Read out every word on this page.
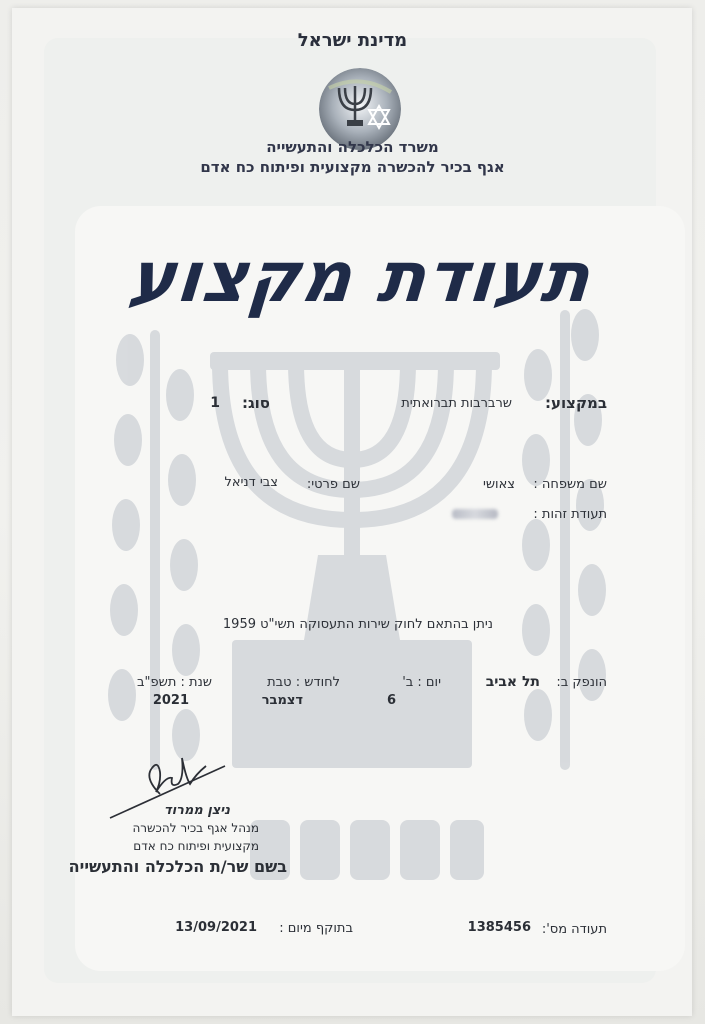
מדינת ישראל
משרד הכלכלה והתעשייה
אגף בכיר להכשרה מקצועית ופיתוח כח אדם
תעודת מקצוע
במקצוע:
שרברבות תברואתית
סוג:
1
שם משפחה :
צאושי
שם פרטי:
צבי דניאל
תעודת זהות :
ניתן בהתאם לחוק שירות התעסוקה תשי"ט 1959
הונפק ב:
תל אביב
יום : ב'
6
לחודש : טבת
דצמבר
שנת : תשפ"ב
2021
ניצן ממרוד
מנהל אגף בכיר להכשרה
מקצועית ופיתוח כח אדם
בשם שר/ת הכלכלה והתעשייה
בתוקף מיום :
13/09/2021	תעודה מס':
1385456
